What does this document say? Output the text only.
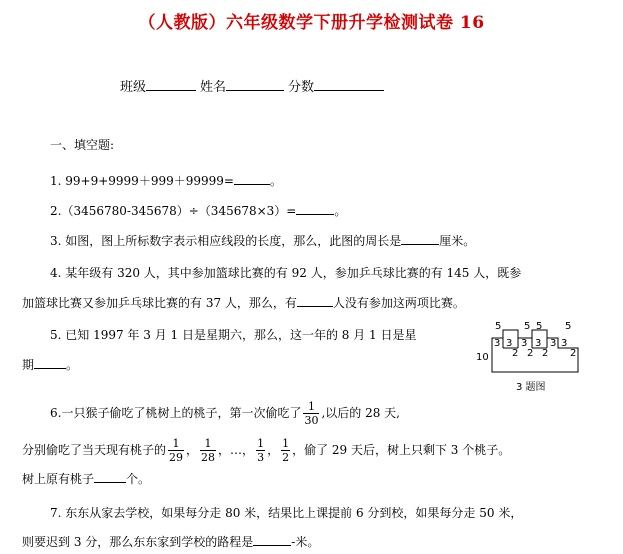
（人教版）六年级数学下册升学检测试卷 16
班级	姓名	分数
一、填空题:
1. 99+9+9999＋999＋99999=	。
2.（3456780-345678）÷（345678×3）=	。
3. 如图，图上所标数字表示相应线段的长度，那么，此图的周长是	厘米。
4. 某年级有 320 人，其中参加篮球比赛的有 92 人，参加乒乓球比赛的有 145 人，既参
加篮球比赛又参加乒乓球比赛的有 37 人，那么，有	人没有参加这两项比赛。
5. 已知 1997 年 3 月 1 日是星期六，那么，这一年的 8 月 1 日是星
期	。
10
5 5 5 5
3 3 3 3 3 3
2 2 2 2
3 题图
6.一只猴子偷吃了桃树上的桃子，第一次偷吃了 $\frac{1}{30}$ ,以后的 28 天,
分别偷吃了当天现有桃子的 $\frac{1}{29}$ ， $\frac{1}{28}$ ，…， $\frac{1}{3}$ ， $\frac{1}{2}$ ，偷了 29 天后，树上只剩下 3 个桃子。
树上原有桃子	个。
7. 东东从家去学校，如果每分走 80 米，结果比上课提前 6 分到校，如果每分走 50 米，
则要迟到 3 分，那么东东家到学校的路程是	-米。
